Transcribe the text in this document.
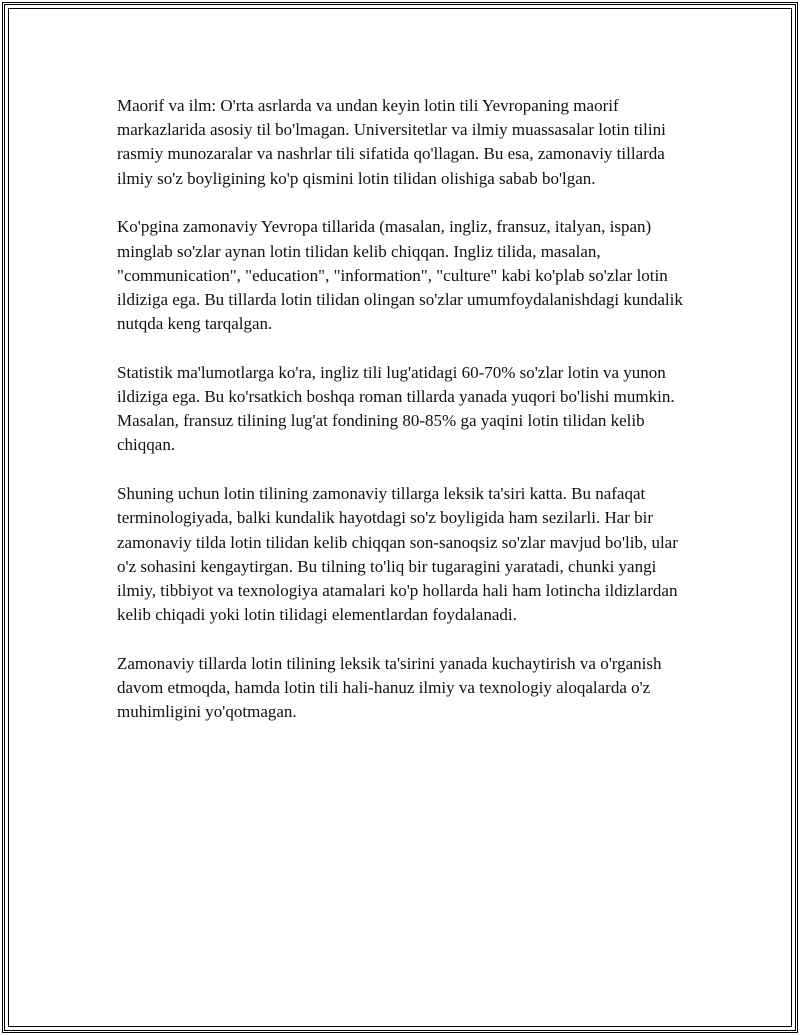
Maorif va ilm: O'rta asrlarda va undan keyin lotin tili Yevropaning maorif markazlarida asosiy til bo'lmagan. Universitetlar va ilmiy muassasalar lotin tilini rasmiy munozaralar va nashrlar tili sifatida qo'llagan. Bu esa, zamonaviy tillarda ilmiy so'z boyligining ko'p qismini lotin tilidan olishiga sabab bo'lgan.

Ko'pgina zamonaviy Yevropa tillarida (masalan, ingliz, fransuz, italyan, ispan) minglab so'zlar aynan lotin tilidan kelib chiqqan. Ingliz tilida, masalan, "communication", "education", "information", "culture" kabi ko'plab so'zlar lotin ildiziga ega. Bu tillarda lotin tilidan olingan so'zlar umumfoydalanishdagi kundalik nutqda keng tarqalgan.

Statistik ma'lumotlarga ko'ra, ingliz tili lug'atidagi 60-70% so'zlar lotin va yunon ildiziga ega. Bu ko'rsatkich boshqa roman tillarda yanada yuqori bo'lishi mumkin. Masalan, fransuz tilining lug'at fondining 80-85% ga yaqini lotin tilidan kelib chiqqan.

Shuning uchun lotin tilining zamonaviy tillarga leksik ta'siri katta. Bu nafaqat terminologiyada, balki kundalik hayotdagi so'z boyligida ham sezilarli. Har bir zamonaviy tilda lotin tilidan kelib chiqqan son-sanoqsiz so'zlar mavjud bo'lib, ular o'z sohasini kengaytirgan. Bu tilning to'liq bir tugaragini yaratadi, chunki yangi ilmiy, tibbiyot va texnologiya atamalari ko'p hollarda hali ham lotincha ildizlardan kelib chiqadi yoki lotin tilidagi elementlardan foydalanadi.

Zamonaviy tillarda lotin tilining leksik ta'sirini yanada kuchaytirish va o'rganish davom etmoqda, hamda lotin tili hali-hanuz ilmiy va texnologiy aloqalarda o'z muhimligini yo'qotmagan.
